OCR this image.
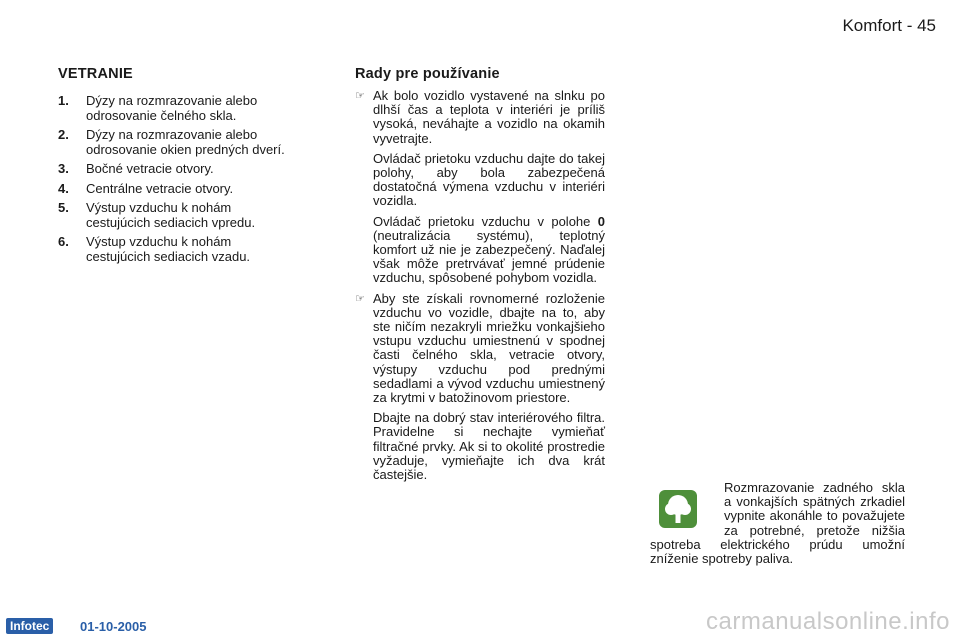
Komfort - 45
VETRANIE
1. Dýzy na rozmrazovanie alebo odrosovanie čelného skla.
2. Dýzy na rozmrazovanie alebo odrosovanie okien predných dverí.
3. Bočné vetracie otvory.
4. Centrálne vetracie otvory.
5. Výstup vzduchu k nohám cestujúcich sediacich vpredu.
6. Výstup vzduchu k nohám cestujúcich sediacich vzadu.
Rady pre používanie
☞ Ak bolo vozidlo vystavené na slnku po dlhší čas a teplota v interiéri je príliš vysoká, neváhajte a vozidlo na okamih vyvetrajte.

Ovládač prietoku vzduchu dajte do takej polohy, aby bola zabezpečená dostatočná výmena vzduchu v interiéri vozidla.

Ovládač prietoku vzduchu v polohe 0 (neutralizácia systému), teplotný komfort už nie je zabezpečený. Naďalej však môže pretrvávať jemné prúdenie vzduchu, spôsobené pohybom vozidla.

☞ Aby ste získali rovnomerné rozloženie vzduchu vo vozidle, dbajte na to, aby ste ničím nezakryli mriežku vonkajšieho vstupu vzduchu umiestnenú v spodnej časti čelného skla, vetracie otvory, výstupy vzduchu pod prednými sedadlami a vývod vzduchu umiestnený za krytmi v batožinovom priestore.

Dbajte na dobrý stav interiérového filtra. Pravidelne si nechajte vymieňať filtračné prvky. Ak si to okolité prostredie vyžaduje, vymieňajte ich dva krát častejšie.

Rozmrazovanie zadného skla a vonkajších spätných zrkadiel vypnite akonáhle to považujete za potrebné, pretože nižšia spotreba elektrického prúdu umožní zníženie spotreby paliva.
Infotec	01-10-2005	carmanualsonline.info
